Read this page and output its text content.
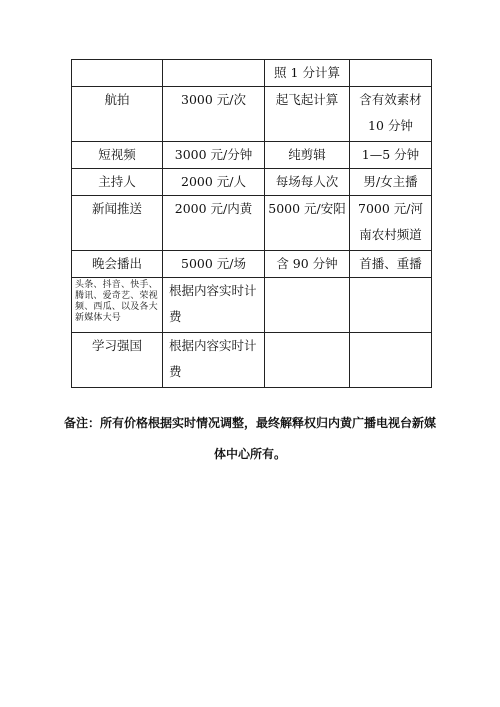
		照 1 分计算	
航拍	3000 元/次	起飞起计算	含有效素材 10 分钟
短视频	3000 元/分钟	纯剪辑	1—5 分钟
主持人	2000 元/人	每场每人次	男/女主播
新闻推送	2000 元/内黄	5000 元/安阳	7000 元/河南农村频道
晚会播出	5000 元/场	含 90 分钟	首播、重播
头条、抖音、快手、腾讯、爱奇艺、荣视频、西瓜、以及各大新媒体大号	根据内容实时计费		
学习强国	根据内容实时计费		
备注：所有价格根据实时情况调整，最终解释权归内黄广播电视台新媒体中心所有。
